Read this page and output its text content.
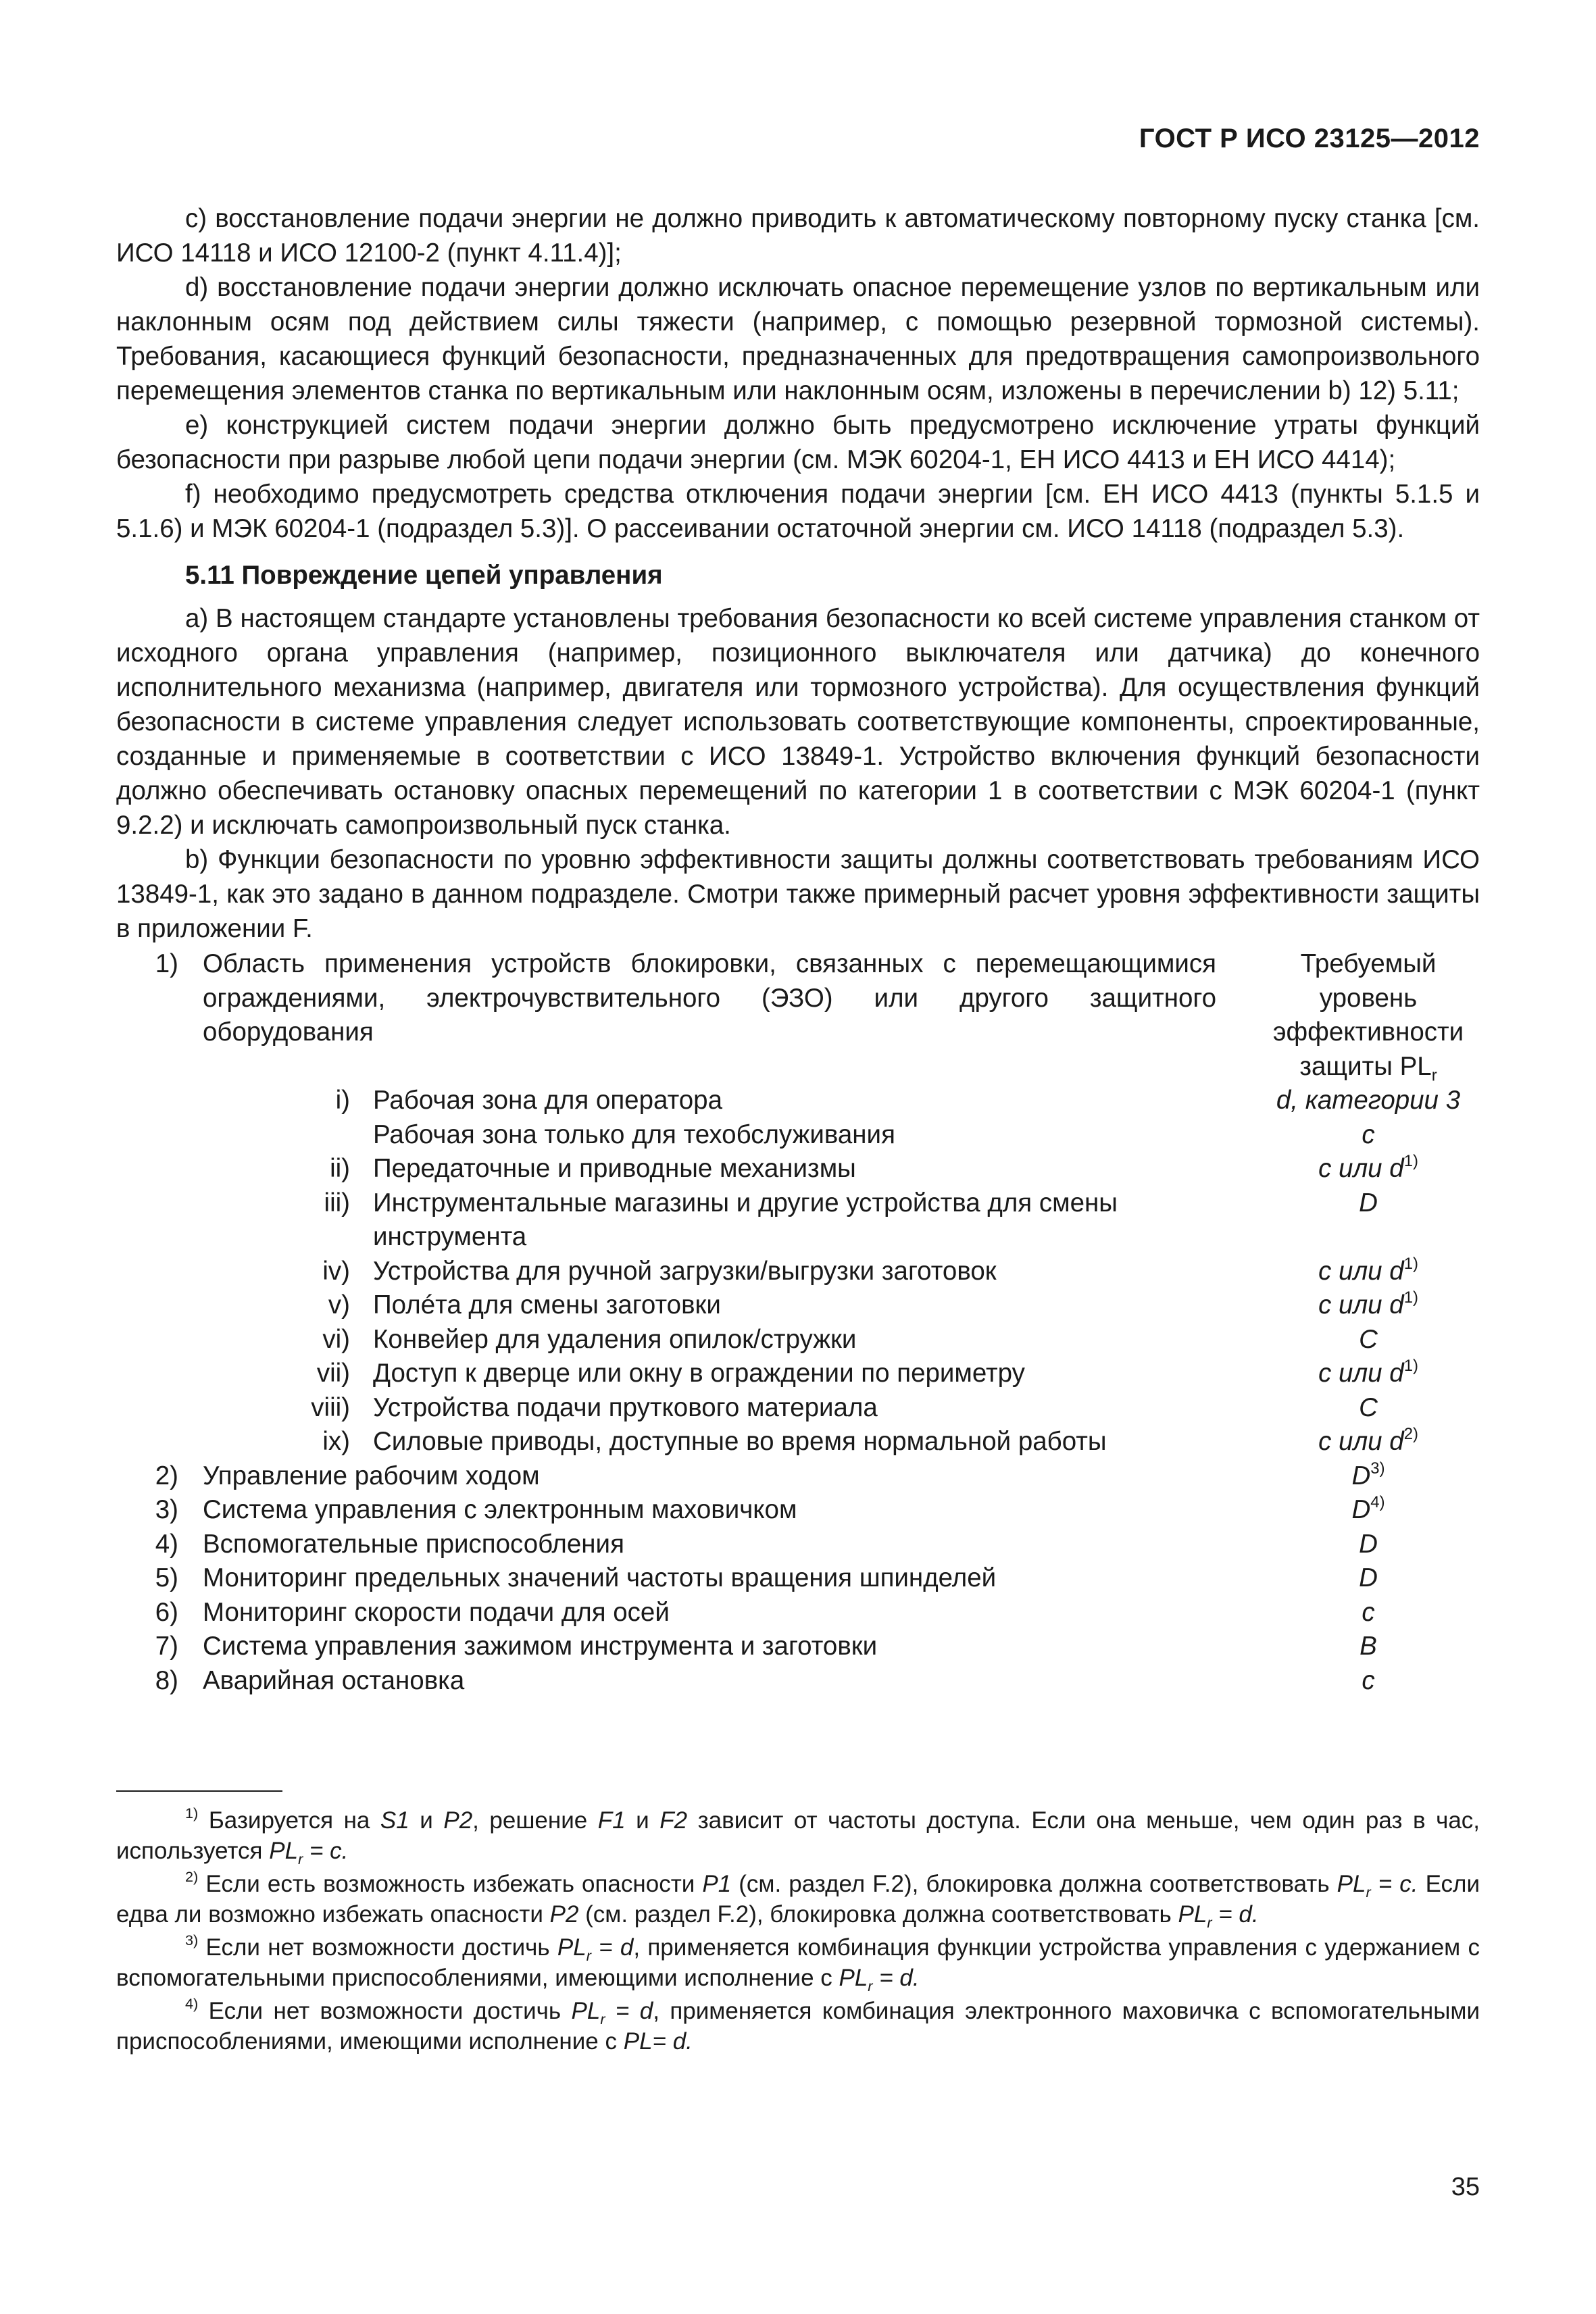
ГОСТ Р ИСО 23125—2012

c) восстановление подачи энергии не должно приводить к автоматическому повторному пуску станка [см. ИСО 14118 и ИСО 12100-2 (пункт 4.11.4)];

d) восстановление подачи энергии должно исключать опасное перемещение узлов по вертикальным или наклонным осям под действием силы тяжести (например, с помощью резервной тормозной системы). Требования, касающиеся функций безопасности, предназначенных для предотвращения самопроизвольного перемещения элементов станка по вертикальным или наклонным осям, изложены в перечислении b) 12) 5.11;

e) конструкцией систем подачи энергии должно быть предусмотрено исключение утраты функций безопасности при разрыве любой цепи подачи энергии (см. МЭК 60204-1, ЕН ИСО 4413 и ЕН ИСО 4414);

f) необходимо предусмотреть средства отключения подачи энергии [см. ЕН ИСО 4413 (пункты 5.1.5 и 5.1.6) и МЭК 60204-1 (подраздел 5.3)]. О рассеивании остаточной энергии см. ИСО 14118 (подраздел 5.3).

5.11 Повреждение цепей управления

a) В настоящем стандарте установлены требования безопасности ко всей системе управления станком от исходного органа управления (например, позиционного выключателя или датчика) до конечного исполнительного механизма (например, двигателя или тормозного устройства). Для осуществления функций безопасности в системе управления следует использовать соответствующие компоненты, спроектированные, созданные и применяемые в соответствии с ИСО 13849-1. Устройство включения функций безопасности должно обеспечивать остановку опасных перемещений по категории 1 в соответствии с МЭК 60204-1 (пункт 9.2.2) и исключать самопроизвольный пуск станка.

b) Функции безопасности по уровню эффективности защиты должны соответствовать требованиям ИСО 13849-1, как это задано в данном подразделе. Смотри также примерный расчет уровня эффективности защиты в приложении F.

1)		Область применения устройств блокировки, связанных с перемещающимися ограждениями, электрочувствительного (ЭЗО) или другого защитного оборудования			Требуемый
уровень
эффективности
защиты $PL_r$

		i)		Рабочая зона для оператора	d, категории 3
				Рабочая зона только для техобслуживания	c
		ii)		Передаточные и приводные механизмы	c или $d^{1)}$
		iii)		Инструментальные магазины и другие устройства для смены инструмента	D
		iv)		Устройства для ручной загрузки/выгрузки заготовок	c или $d^{1)}$
		v)		Полéта для смены заготовки	c или $d^{1)}$
		vi)		Конвейер для удаления опилок/стружки	C
		vii)		Доступ к дверце или окну в ограждении по периметру	c или $d^{1)}$
		viii)		Устройства подачи пруткового материала	C
		ix)		Силовые приводы, доступные во время нормальной работы	c или $d^{2)}$
2)		Управление рабочим ходом			$D^{3)}$
3)		Система управления с электронным маховичком			$D^{4)}$
4)		Вспомогательные приспособления			D
5)		Мониторинг предельных значений частоты вращения шпинделей			D
6)		Мониторинг скорости подачи для осей			c
7)		Система управления зажимом инструмента и заготовки			B
8)		Аварийная остановка			c

$^{1)}$ Базируется на S1 и P2, решение F1 и F2 зависит от частоты доступа. Если она меньше, чем один раз в час, используется $PL_r = c$.

$^{2)}$ Если есть возможность избежать опасности P1 (см. раздел F.2), блокировка должна соответствовать $PL_r = c$. Если едва ли возможно избежать опасности P2 (см. раздел F.2), блокировка должна соответствовать $PL_r = d$.

$^{3)}$ Если нет возможности достичь $PL_r = d$, применяется комбинация функции устройства управления с удержанием с вспомогательными приспособлениями, имеющими исполнение с $PL_r = d$.

$^{4)}$ Если нет возможности достичь $PL_r = d$, применяется комбинация электронного маховичка с вспомогательными приспособлениями, имеющими исполнение с PL= d.

35
